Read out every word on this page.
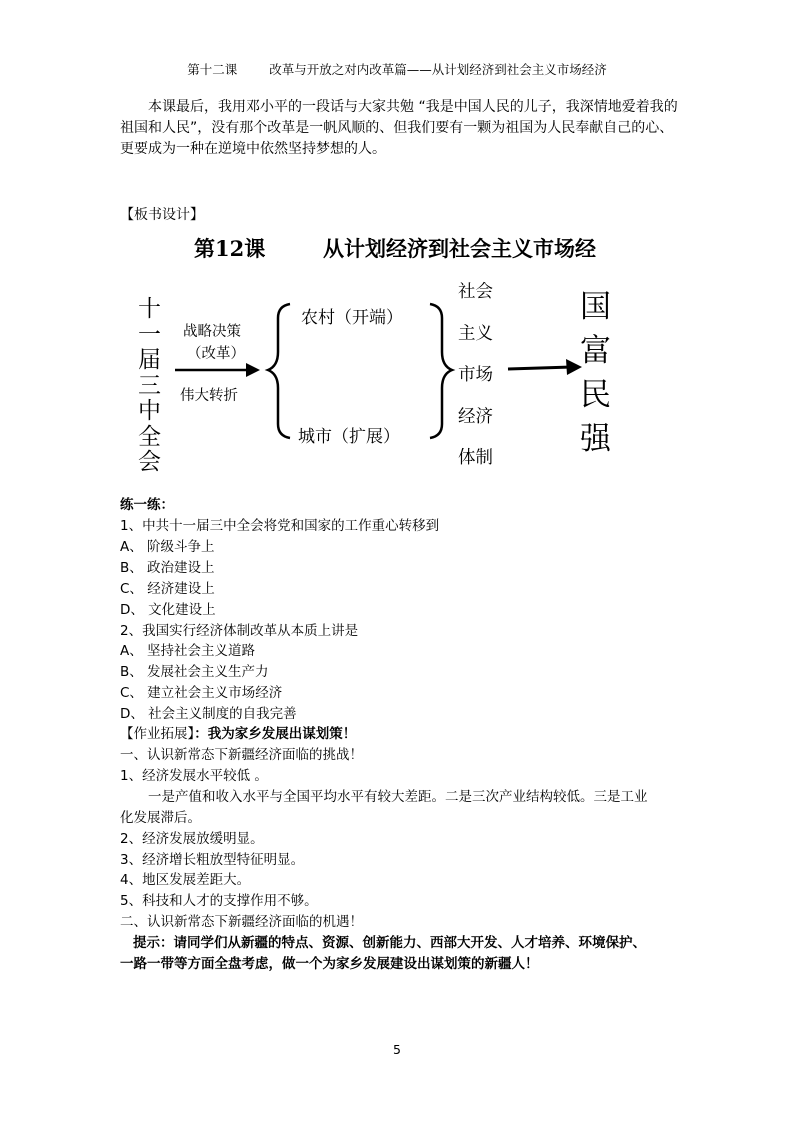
第十二课	改革与开放之对内改革篇——从计划经济到社会主义市场经济
本课最后，我用邓小平的一段话与大家共勉 “我是中国人民的儿子，我深情地爱着我的祖国和人民”，没有那个改革是一帆风顺的、但我们要有一颗为祖国为人民奉献自己的心、更要成为一种在逆境中依然坚持梦想的人。
【板书设计】
第12课	从计划经济到社会主义市场经
十
一
届
三
中
全
会
战略决策
（改革）
伟大转折
农村（开端）
城市（扩展）
社会
主义
市场
经济
体制
国
富
民
强
练一练：
1、中共十一届三中全会将党和国家的工作重心转移到
A、 阶级斗争上
B、 政治建设上
C、 经济建设上
D、 文化建设上
2、我国实行经济体制改革从本质上讲是
A、 坚持社会主义道路
B、 发展社会主义生产力
C、 建立社会主义市场经济
D、 社会主义制度的自我完善
【作业拓展】：我为家乡发展出谋划策！
一、认识新常态下新疆经济面临的挑战！
1、经济发展水平较低 。
一是产值和收入水平与全国平均水平有较大差距。二是三次产业结构较低。三是工业
化发展滞后。
2、经济发展放缓明显。
3、经济增长粗放型特征明显。
4、地区发展差距大。
5、科技和人才的支撑作用不够。
二、认识新常态下新疆经济面临的机遇！
提示：请同学们从新疆的特点、资源、创新能力、西部大开发、人才培养、环境保护、
一路一带等方面全盘考虑，做一个为家乡发展建设出谋划策的新疆人！
5
